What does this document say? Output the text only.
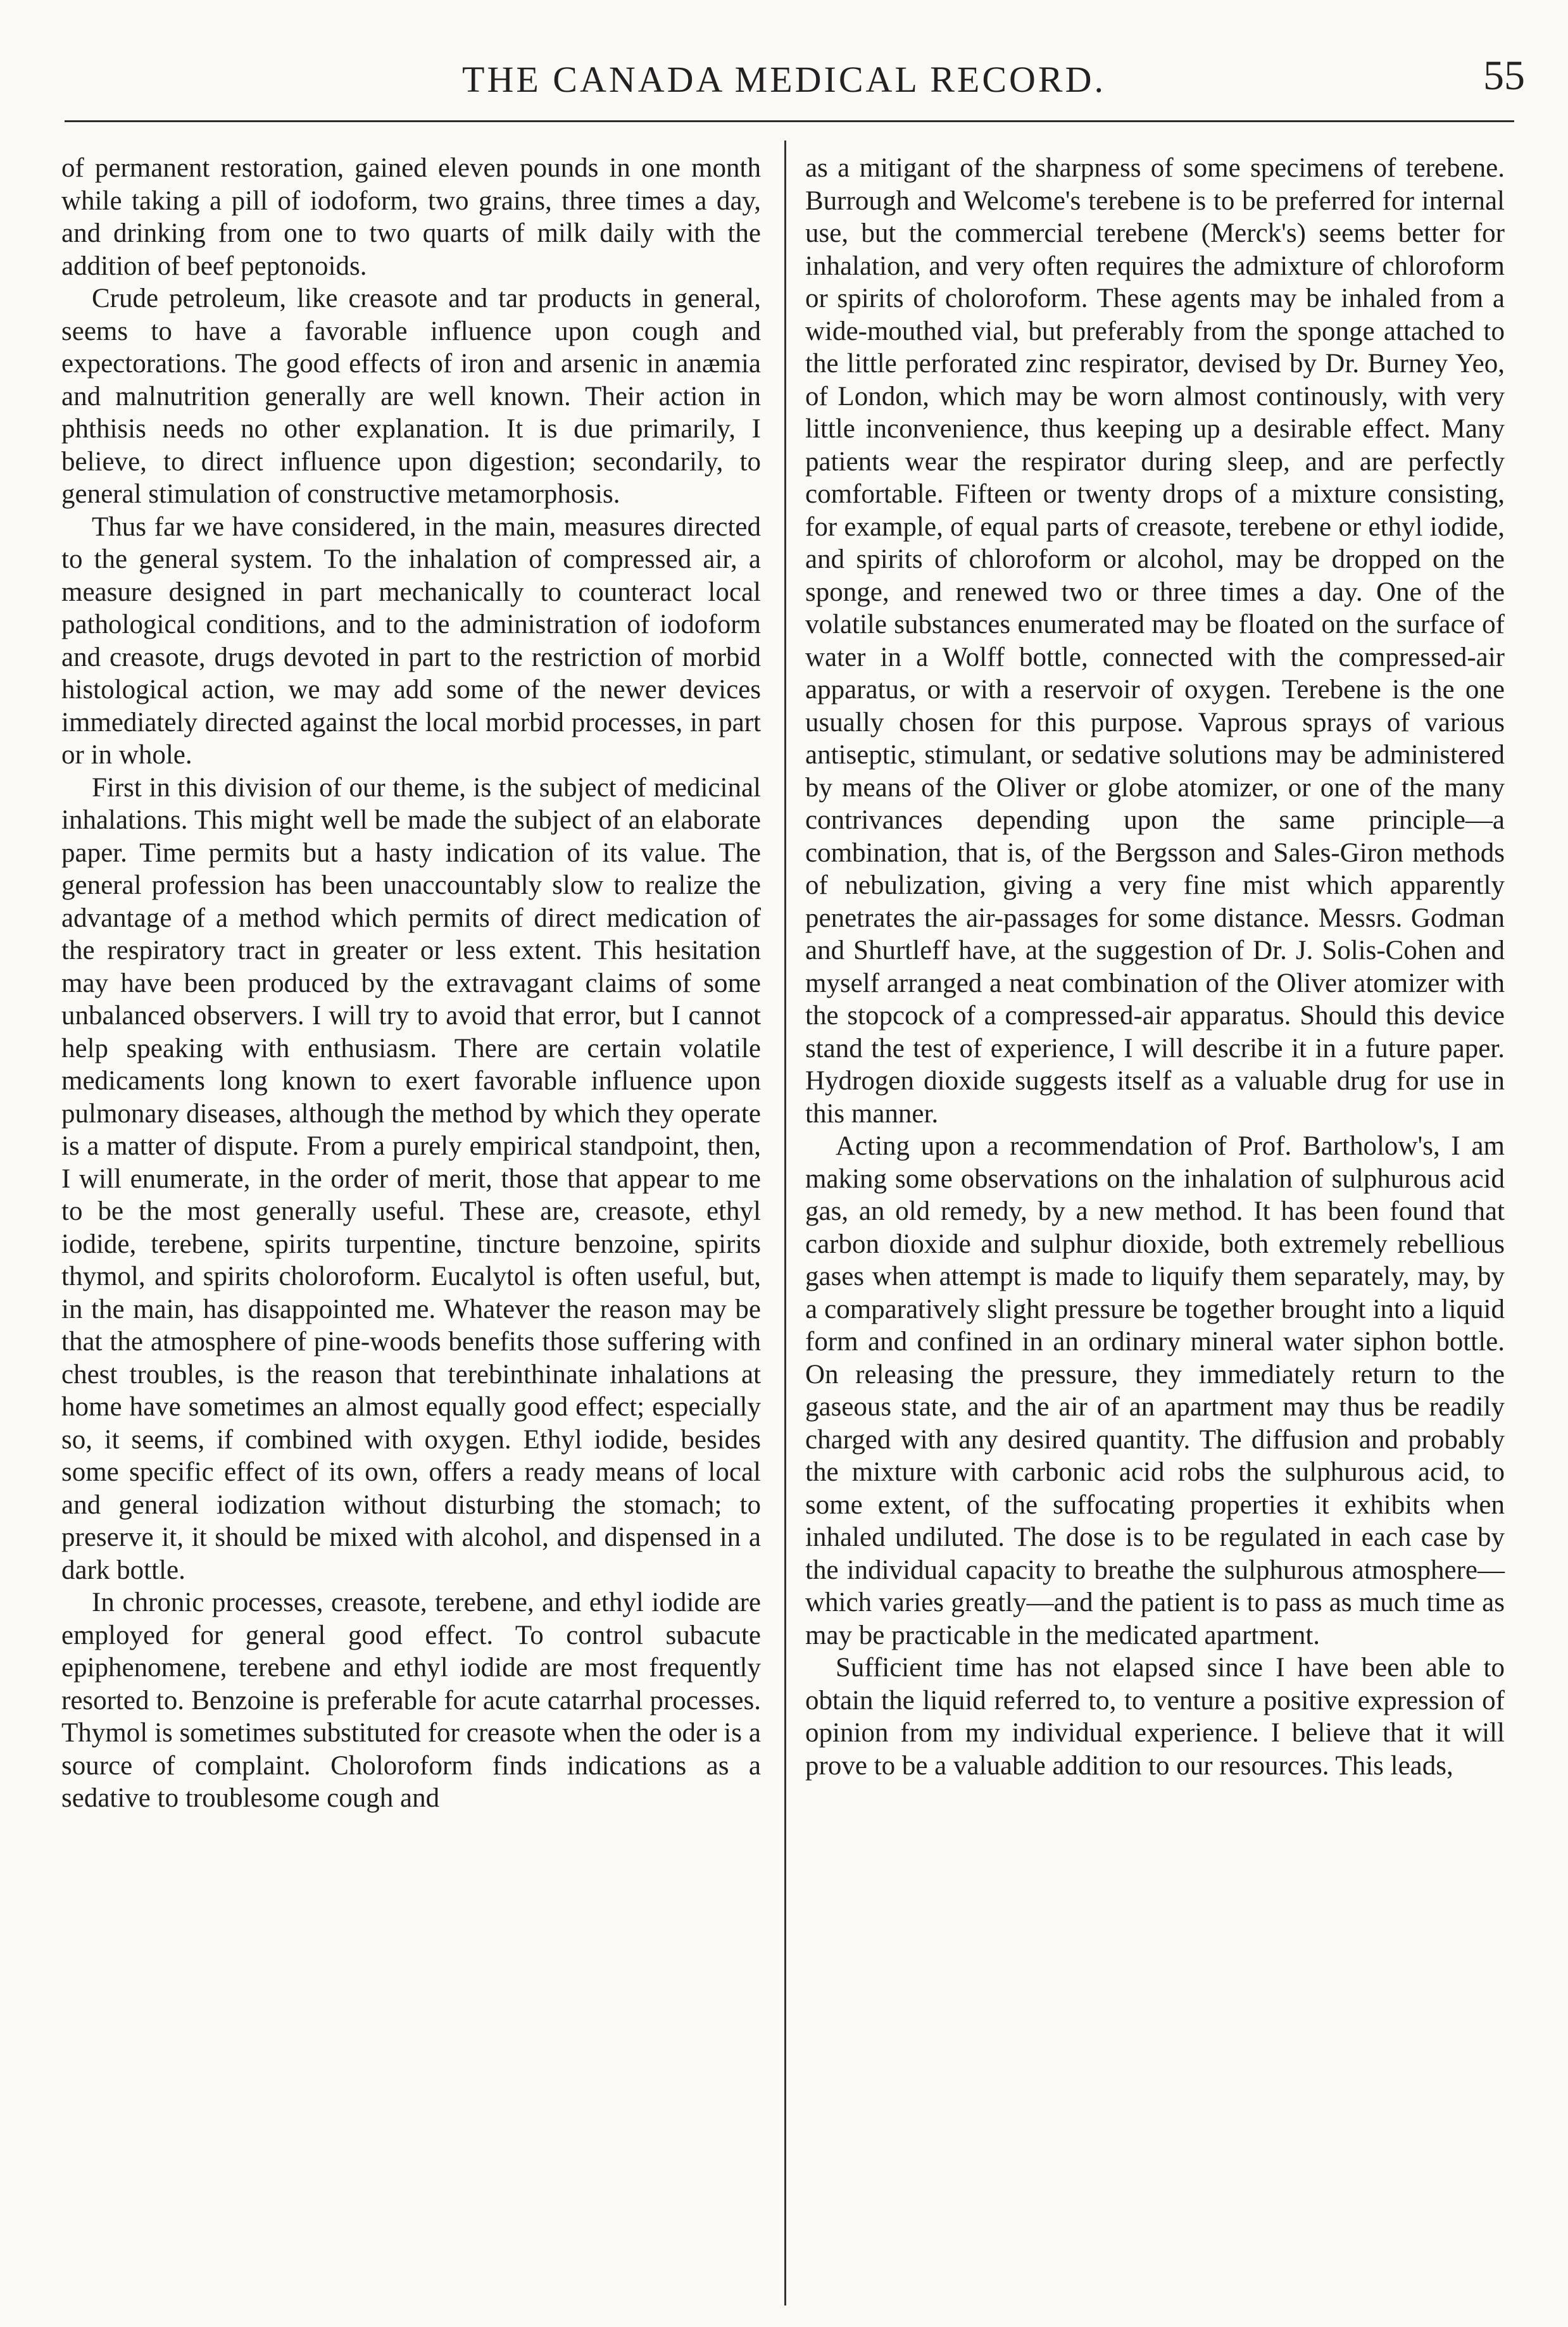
THE CANADA MEDICAL RECORD.	55

of permanent restoration, gained eleven pounds in one month while taking a pill of iodoform, two grains, three times a day, and drinking from one to two quarts of milk daily with the addition of beef peptonoids.

Crude petroleum, like creasote and tar products in general, seems to have a favorable influence upon cough and expectorations. The good effects of iron and arsenic in anæmia and malnutrition generally are well known. Their action in phthisis needs no other explanation. It is due primarily, I believe, to direct influence upon digestion; secondarily, to general stimulation of constructive metamorphosis.

Thus far we have considered, in the main, measures directed to the general system. To the inhalation of compressed air, a measure designed in part mechanically to counteract local pathological conditions, and to the administration of iodoform and creasote, drugs devoted in part to the restriction of morbid histological action, we may add some of the newer devices immediately directed against the local morbid processes, in part or in whole.

First in this division of our theme, is the subject of medicinal inhalations. This might well be made the subject of an elaborate paper. Time permits but a hasty indication of its value. The general profession has been unaccountably slow to realize the advantage of a method which permits of direct medication of the respiratory tract in greater or less extent. This hesitation may have been produced by the extravagant claims of some unbalanced observers. I will try to avoid that error, but I cannot help speaking with enthusiasm. There are certain volatile medicaments long known to exert favorable influence upon pulmonary diseases, although the method by which they operate is a matter of dispute. From a purely empirical standpoint, then, I will enumerate, in the order of merit, those that appear to me to be the most generally useful. These are, creasote, ethyl iodide, terebene, spirits turpentine, tincture benzoine, spirits thymol, and spirits choloroform. Eucalytol is often useful, but, in the main, has disappointed me. Whatever the reason may be that the atmosphere of pine-woods benefits those suffering with chest troubles, is the reason that terebinthinate inhalations at home have sometimes an almost equally good effect; especially so, it seems, if combined with oxygen. Ethyl iodide, besides some specific effect of its own, offers a ready means of local and general iodization without disturbing the stomach; to preserve it, it should be mixed with alcohol, and dispensed in a dark bottle.

In chronic processes, creasote, terebene, and ethyl iodide are employed for general good effect. To control subacute epiphenomene, terebene and ethyl iodide are most frequently resorted to. Benzoine is preferable for acute catarrhal processes. Thymol is sometimes substituted for creasote when the oder is a source of complaint. Choloroform finds indications as a sedative to troublesome cough and

as a mitigant of the sharpness of some specimens of terebene. Burrough and Welcome's terebene is to be preferred for internal use, but the commercial terebene (Merck's) seems better for inhalation, and very often requires the admixture of chloroform or spirits of choloroform. These agents may be inhaled from a wide-mouthed vial, but preferably from the sponge attached to the little perforated zinc respirator, devised by Dr. Burney Yeo, of London, which may be worn almost continously, with very little inconvenience, thus keeping up a desirable effect. Many patients wear the respirator during sleep, and are perfectly comfortable. Fifteen or twenty drops of a mixture consisting, for example, of equal parts of creasote, terebene or ethyl iodide, and spirits of chloroform or alcohol, may be dropped on the sponge, and renewed two or three times a day. One of the volatile substances enumerated may be floated on the surface of water in a Wolff bottle, connected with the compressed-air apparatus, or with a reservoir of oxygen. Terebene is the one usually chosen for this purpose. Vaprous sprays of various antiseptic, stimulant, or sedative solutions may be administered by means of the Oliver or globe atomizer, or one of the many contrivances depending upon the same principle—a combination, that is, of the Bergsson and Sales-Giron methods of nebulization, giving a very fine mist which apparently penetrates the air-passages for some distance. Messrs. Godman and Shurtleff have, at the suggestion of Dr. J. Solis-Cohen and myself arranged a neat combination of the Oliver atomizer with the stopcock of a compressed-air apparatus. Should this device stand the test of experience, I will describe it in a future paper. Hydrogen dioxide suggests itself as a valuable drug for use in this manner.

Acting upon a recommendation of Prof. Bartholow's, I am making some observations on the inhalation of sulphurous acid gas, an old remedy, by a new method. It has been found that carbon dioxide and sulphur dioxide, both extremely rebellious gases when attempt is made to liquify them separately, may, by a comparatively slight pressure be together brought into a liquid form and confined in an ordinary mineral water siphon bottle. On releasing the pressure, they immediately return to the gaseous state, and the air of an apartment may thus be readily charged with any desired quantity. The diffusion and probably the mixture with carbonic acid robs the sulphurous acid, to some extent, of the suffocating properties it exhibits when inhaled undiluted. The dose is to be regulated in each case by the individual capacity to breathe the sulphurous atmosphere—which varies greatly—and the patient is to pass as much time as may be practicable in the medicated apartment.

Sufficient time has not elapsed since I have been able to obtain the liquid referred to, to venture a positive expression of opinion from my individual experience. I believe that it will prove to be a valuable addition to our resources. This leads,
